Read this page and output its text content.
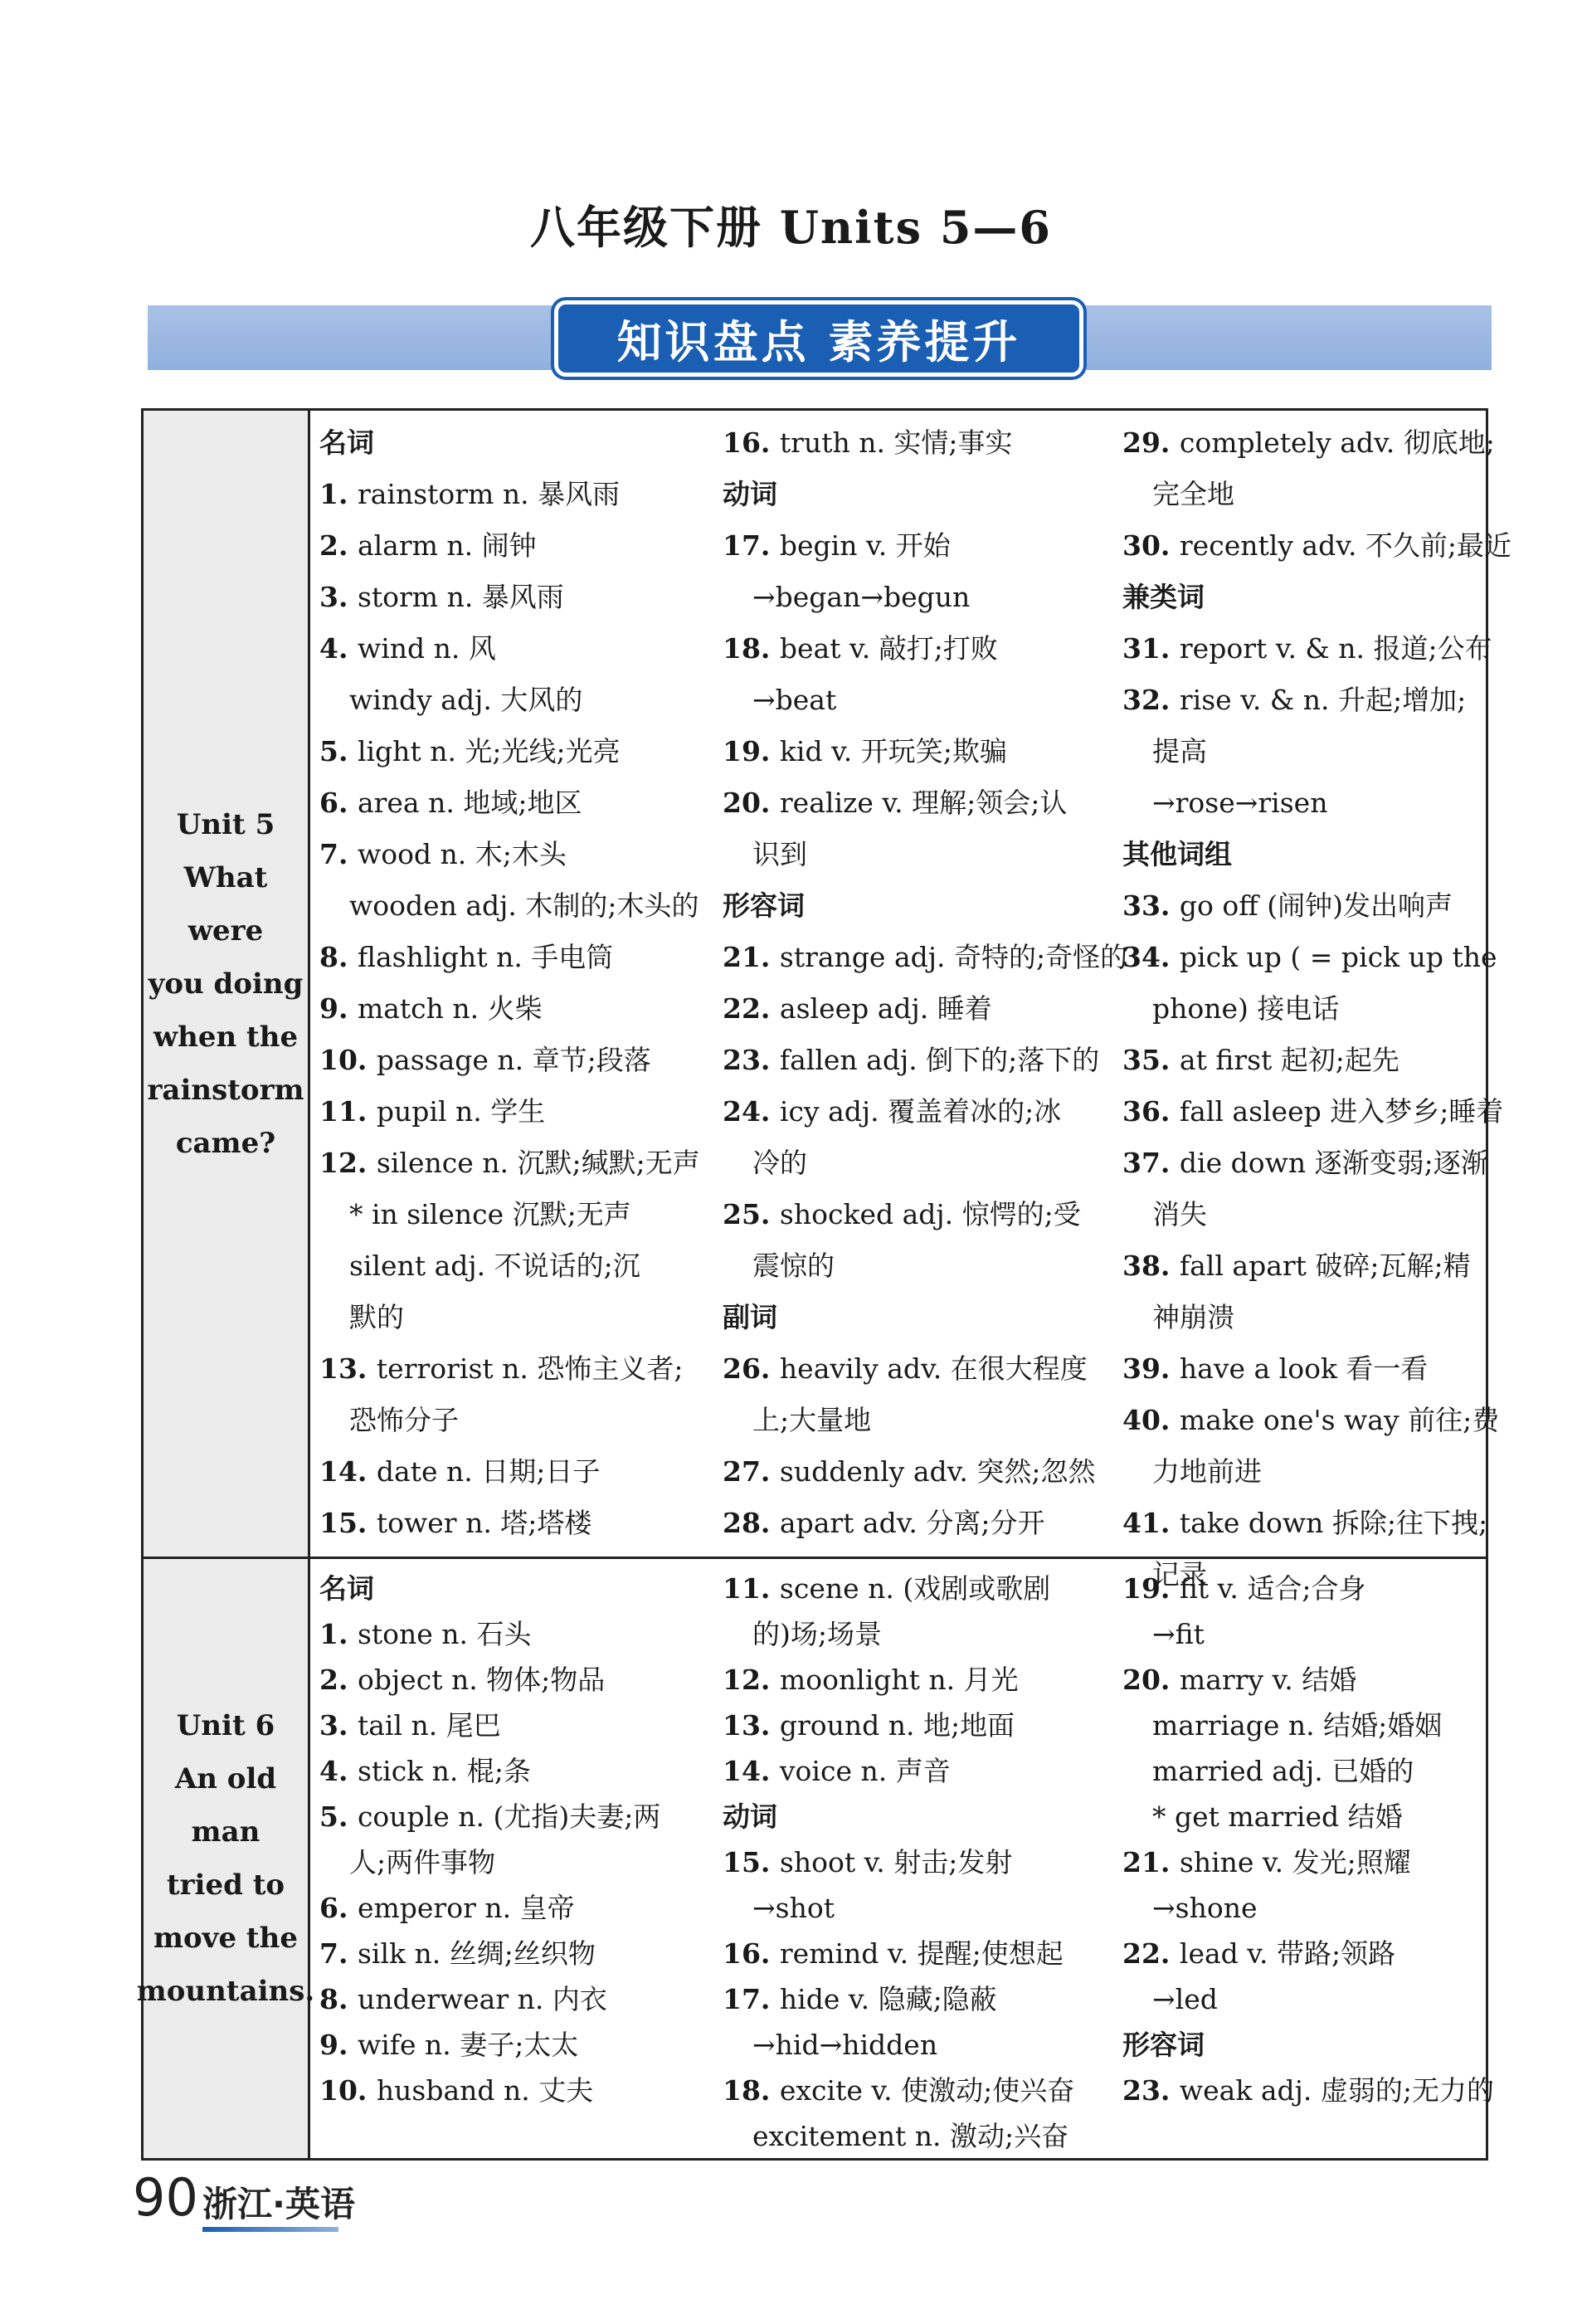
八年级下册 Units 5—6
知识盘点 素养提升
Unit 5
What were
you doing
when the
rainstorm
came?
名词
1. rainstorm n. 暴风雨
2. alarm n. 闹钟
3. storm n. 暴风雨
4. wind n. 风
windy adj. 大风的
5. light n. 光;光线;光亮
6. area n. 地域;地区
7. wood n. 木;木头
wooden adj. 木制的;木头的
8. flashlight n. 手电筒
9. match n. 火柴
10. passage n. 章节;段落
11. pupil n. 学生
12. silence n. 沉默;缄默;无声
* in silence 沉默;无声
silent adj. 不说话的;沉
默的
13. terrorist n. 恐怖主义者;
恐怖分子
14. date n. 日期;日子
15. tower n. 塔;塔楼
16. truth n. 实情;事实
动词
17. begin v. 开始
→began→begun
18. beat v. 敲打;打败
→beat
19. kid v. 开玩笑;欺骗
20. realize v. 理解;领会;认
识到
形容词
21. strange adj. 奇特的;奇怪的
22. asleep adj. 睡着
23. fallen adj. 倒下的;落下的
24. icy adj. 覆盖着冰的;冰
冷的
25. shocked adj. 惊愕的;受
震惊的
副词
26. heavily adv. 在很大程度
上;大量地
27. suddenly adv. 突然;忽然
28. apart adv. 分离;分开
29. completely adv. 彻底地;
完全地
30. recently adv. 不久前;最近
兼类词
31. report v. & n. 报道;公布
32. rise v. & n. 升起;增加;
提高
→rose→risen
其他词组
33. go off (闹钟)发出响声
34. pick up ( = pick up the
phone) 接电话
35. at first 起初;起先
36. fall asleep 进入梦乡;睡着
37. die down 逐渐变弱;逐渐
消失
38. fall apart 破碎;瓦解;精
神崩溃
39. have a look 看一看
40. make one's way 前往;费
力地前进
41. take down 拆除;往下拽;
记录
Unit 6
An old man
tried to
move the
mountains.
名词
1. stone n. 石头
2. object n. 物体;物品
3. tail n. 尾巴
4. stick n. 棍;条
5. couple n. (尤指)夫妻;两
人;两件事物
6. emperor n. 皇帝
7. silk n. 丝绸;丝织物
8. underwear n. 内衣
9. wife n. 妻子;太太
10. husband n. 丈夫
11. scene n. (戏剧或歌剧
的)场;场景
12. moonlight n. 月光
13. ground n. 地;地面
14. voice n. 声音
动词
15. shoot v. 射击;发射
→shot
16. remind v. 提醒;使想起
17. hide v. 隐藏;隐蔽
→hid→hidden
18. excite v. 使激动;使兴奋
excitement n. 激动;兴奋
19. fit v. 适合;合身
→fit
20. marry v. 结婚
marriage n. 结婚;婚姻
married adj. 已婚的
* get married 结婚
21. shine v. 发光;照耀
→shone
22. lead v. 带路;领路
→led
形容词
23. weak adj. 虚弱的;无力的
90 浙江·英语
